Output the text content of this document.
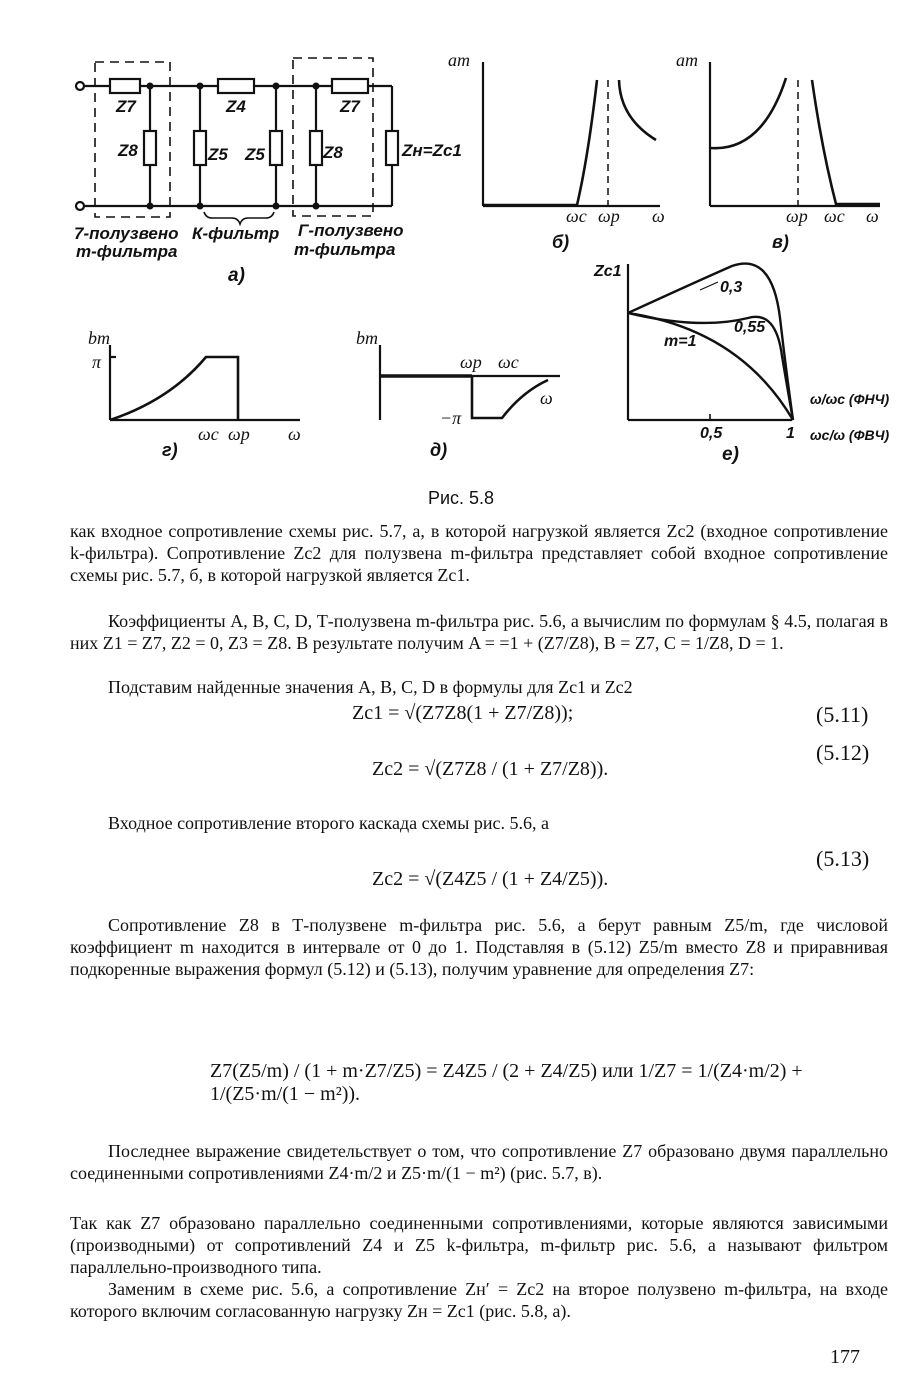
Z7
Z8
Z4
Z5 Z5
Z7
Z8	Zн=Zc1
7-полузвено
m-фильтра
К-фильтр Г-полузвено
m-фильтра
а)
am
ωc ωp ω
б)
am
ωp ωc ω
в)
bm
π
ωc ωp ω
г)
bm
ωp ωc
ω
−π
д)
Zc1
0,3
0,55
m=1
0,5	1
ω/ωc (ФНЧ)
ωc/ω (ФВЧ)
е)
Рис. 5.8

как входное сопротивление схемы рис. 5.7, а, в которой нагрузкой является Zc2 (входное сопротивление k-фильтра). Сопротивление Zc2 для полузвена m-фильтра представляет собой входное сопротивление схемы рис. 5.7, б, в которой нагрузкой является Zc1.

Коэффициенты A, B, C, D, Т-полузвена m-фильтра рис. 5.6, а вычислим по формулам § 4.5, полагая в них Z1 = Z7, Z2 = 0, Z3 = Z8. В результате получим A = =1 + (Z7/Z8), B = Z7, C = 1/Z8, D = 1.

Подставим найденные значения A, B, C, D в формулы для Zc1 и Zc2

Zc1 = √(Z7Z8(1 + Z7/Z8));	(5.11)
Zc2 = √(Z7Z8 / (1 + Z7/Z8)).
(5.12)

Входное сопротивление второго каскада схемы рис. 5.6, а

Zc2 = √(Z4Z5 / (1 + Z4/Z5)).
(5.13)

Сопротивление Z8 в Т-полузвене m-фильтра рис. 5.6, а берут равным Z5/m, где числовой коэффициент m находится в интервале от 0 до 1. Подставляя в (5.12) Z5/m вместо Z8 и приравнивая подкоренные выражения формул (5.12) и (5.13), получим уравнение для определения Z7:

Z7(Z5/m) / (1 + m·Z7/Z5) = Z4Z5 / (2 + Z4/Z5) или 1/Z7 = 1/(Z4·m/2) + 1/(Z5·m/(1 − m²)).

Последнее выражение свидетельствует о том, что сопротивление Z7 образовано двумя параллельно соединенными сопротивлениями Z4·m/2 и Z5·m/(1 − m²) (рис. 5.7, в).

Так как Z7 образовано параллельно соединенными сопротивлениями, которые являются зависимыми (производными) от сопротивлений Z4 и Z5 k-фильтра, m-фильтр рис. 5.6, а называют фильтром параллельно-производного типа.

Заменим в схеме рис. 5.6, а сопротивление Zн′ = Zc2 на второе полузвено m-фильтра, на входе которого включим согласованную нагрузку Zн = Zc1 (рис. 5.8, а).

177
